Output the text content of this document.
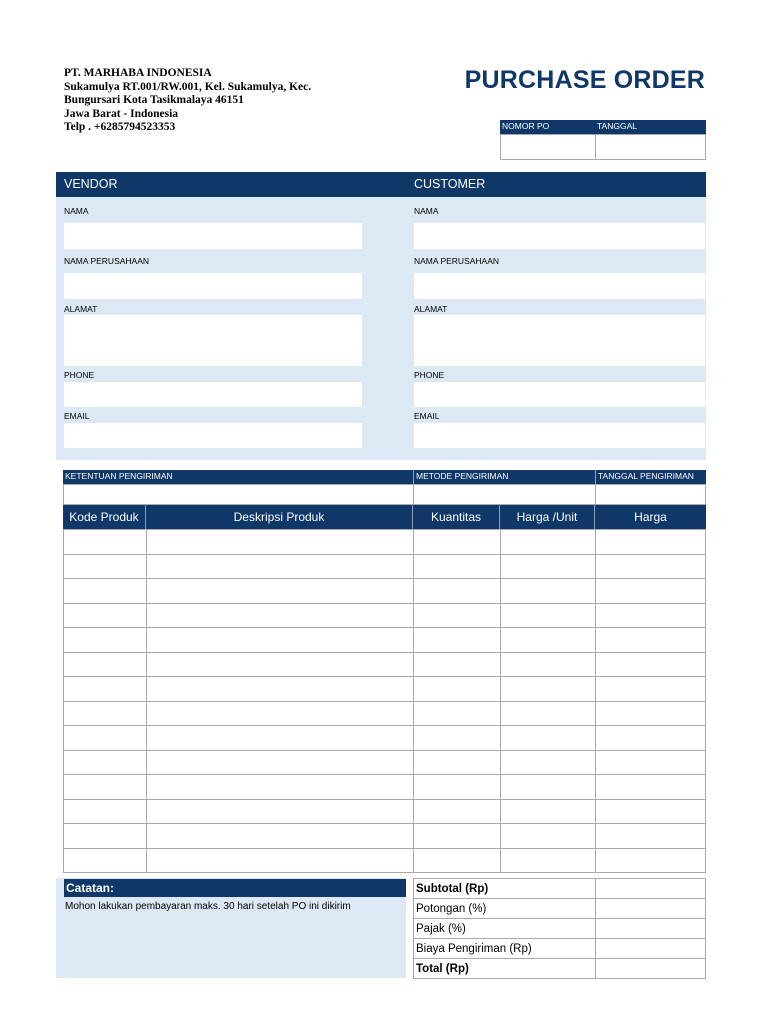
PT. MARHABA INDONESIA
Sukamulya RT.001/RW.001, Kel. Sukamulya, Kec.
Bungursari Kota Tasikmalaya 46151
Jawa Barat - Indonesia
Telp . +6285794523353
PURCHASE ORDER
NOMOR PO	TANGGAL
VENDOR	CUSTOMER
NAMA
NAMA PERUSAHAAN
ALAMAT
PHONE
EMAIL
NAMA
NAMA PERUSAHAAN
ALAMAT
PHONE
EMAIL
KETENTUAN PENGIRIMAN	METODE PENGIRIMAN	TANGGAL PENGIRIMAN
Kode Produk	Deskripsi Produk	Kuantitas	Harga /Unit	Harga
Catatan:
Mohon lakukan pembayaran maks. 30 hari setelah PO ini dikirim
Subtotal (Rp)
Potongan (%)
Pajak (%)
Biaya Pengiriman (Rp)
Total (Rp)
